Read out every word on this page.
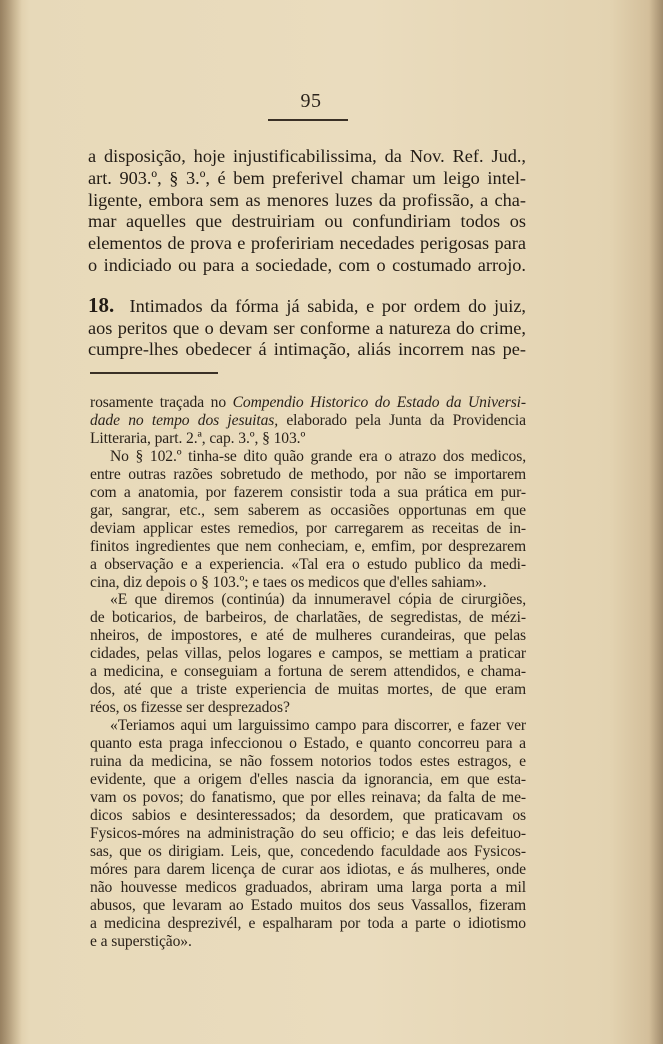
95
a disposição, hoje injustificabilissima, da Nov. Ref. Jud.,
art. 903.º, § 3.º, é bem preferivel chamar um leigo intel-
ligente, embora sem as menores luzes da profissão, a cha-
mar aquelles que destruiriam ou confundiriam todos os
elementos de prova e profeririam necedades perigosas para
o indiciado ou para a sociedade, com o costumado arrojo.
18. Intimados da fórma já sabida, e por ordem do juiz,
aos peritos que o devam ser conforme a natureza do crime,
cumpre-lhes obedecer á intimação, aliás incorrem nas pe-
rosamente traçada no Compendio Historico do Estado da Universi-
dade no tempo dos jesuitas, elaborado pela Junta da Providencia
Litteraria, part. 2.ª, cap. 3.º, § 103.º
No § 102.º tinha-se dito quão grande era o atrazo dos medicos,
entre outras razões sobretudo de methodo, por não se importarem
com a anatomia, por fazerem consistir toda a sua prática em pur-
gar, sangrar, etc., sem saberem as occasiões opportunas em que
deviam applicar estes remedios, por carregarem as receitas de in-
finitos ingredientes que nem conheciam, e, emfim, por desprezarem
a observação e a experiencia. «Tal era o estudo publico da medi-
cina, diz depois o § 103.º; e taes os medicos que d'elles sahiam».
«E que diremos (continúa) da innumeravel cópia de cirurgiões,
de boticarios, de barbeiros, de charlatães, de segredistas, de mézi-
nheiros, de impostores, e até de mulheres curandeiras, que pelas
cidades, pelas villas, pelos logares e campos, se mettiam a praticar
a medicina, e conseguiam a fortuna de serem attendidos, e chama-
dos, até que a triste experiencia de muitas mortes, de que eram
réos, os fizesse ser desprezados?
«Teriamos aqui um larguissimo campo para discorrer, e fazer ver
quanto esta praga infeccionou o Estado, e quanto concorreu para a
ruina da medicina, se não fossem notorios todos estes estragos, e
evidente, que a origem d'elles nascia da ignorancia, em que esta-
vam os povos; do fanatismo, que por elles reinava; da falta de me-
dicos sabios e desinteressados; da desordem, que praticavam os
Fysicos-móres na administração do seu officio; e das leis defeituo-
sas, que os dirigiam. Leis, que, concedendo faculdade aos Fysicos-
móres para darem licença de curar aos idiotas, e ás mulheres, onde
não houvesse medicos graduados, abriram uma larga porta a mil
abusos, que levaram ao Estado muitos dos seus Vassallos, fizeram
a medicina desprezivél, e espalharam por toda a parte o idiotismo
e a superstição».
